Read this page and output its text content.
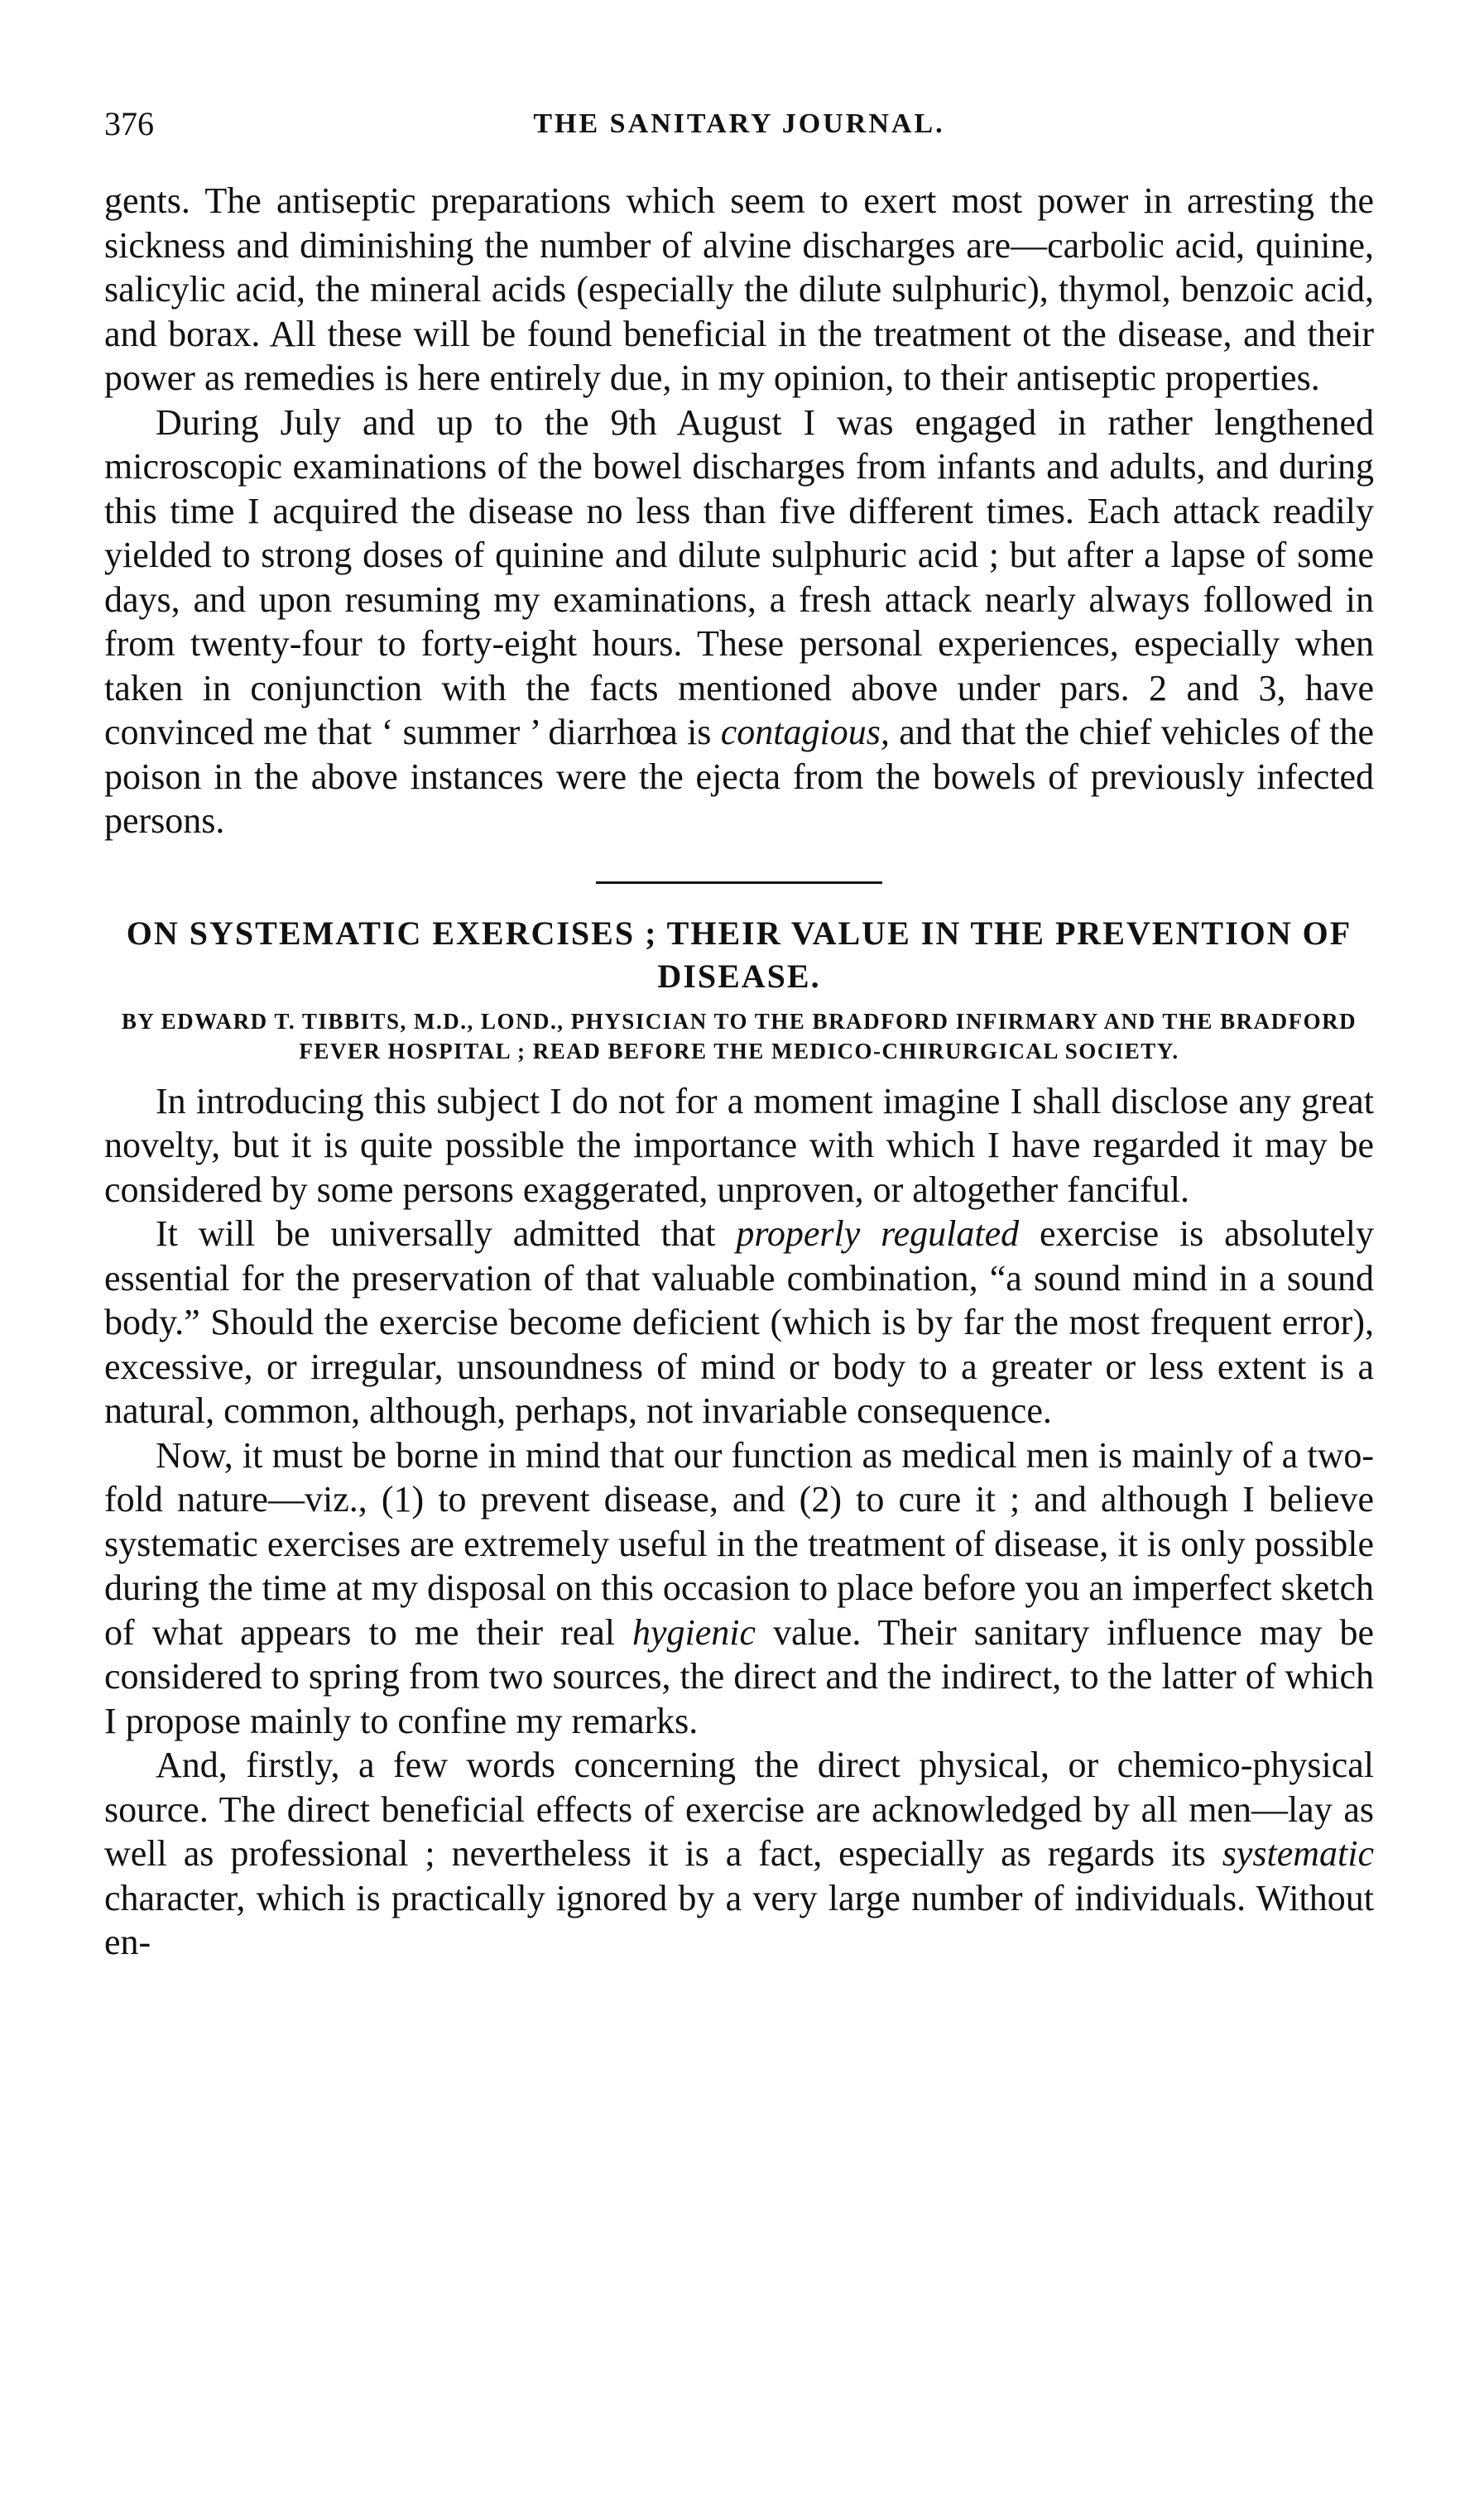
376	THE SANITARY JOURNAL.

gents. The antiseptic preparations which seem to exert most power in arresting the sickness and diminishing the number of alvine discharges are—carbolic acid, quinine, salicylic acid, the mineral acids (especially the dilute sulphuric), thymol, benzoic acid, and borax. All these will be found beneficial in the treatment ot the disease, and their power as remedies is here entirely due, in my opinion, to their antiseptic properties.

During July and up to the 9th August I was engaged in rather lengthened microscopic examinations of the bowel discharges from infants and adults, and during this time I acquired the disease no less than five different times. Each attack readily yielded to strong doses of quinine and dilute sulphuric acid ; but after a lapse of some days, and upon resuming my examinations, a fresh attack nearly always followed in from twenty-four to forty-eight hours. These personal experiences, especially when taken in conjunction with the facts mentioned above under pars. 2 and 3, have convinced me that ‘ summer ’ diarrhœa is contagious, and that the chief vehicles of the poison in the above instances were the ejecta from the bowels of previously infected persons.

ON SYSTEMATIC EXERCISES ; THEIR VALUE IN THE PREVENTION OF DISEASE.
BY EDWARD T. TIBBITS, M.D., LOND., PHYSICIAN TO THE BRADFORD INFIRMARY AND THE BRADFORD FEVER HOSPITAL ; READ BEFORE THE MEDICO-CHIRURGICAL SOCIETY.

In introducing this subject I do not for a moment imagine I shall disclose any great novelty, but it is quite possible the importance with which I have regarded it may be considered by some persons exaggerated, unproven, or altogether fanciful.

It will be universally admitted that properly regulated exercise is absolutely essential for the preservation of that valuable combination, “a sound mind in a sound body.” Should the exercise become deficient (which is by far the most frequent error), excessive, or irregular, unsoundness of mind or body to a greater or less extent is a natural, common, although, perhaps, not invariable consequence.

Now, it must be borne in mind that our function as medical men is mainly of a two-fold nature—viz., (1) to prevent disease, and (2) to cure it ; and although I believe systematic exercises are extremely useful in the treatment of disease, it is only possible during the time at my disposal on this occasion to place before you an imperfect sketch of what appears to me their real hygienic value. Their sanitary influence may be considered to spring from two sources, the direct and the indirect, to the latter of which I propose mainly to confine my remarks.

And, firstly, a few words concerning the direct physical, or chemico-physical source. The direct beneficial effects of exercise are acknowledged by all men—lay as well as professional ; nevertheless it is a fact, especially as regards its systematic character, which is practically ignored by a very large number of individuals. Without en-
